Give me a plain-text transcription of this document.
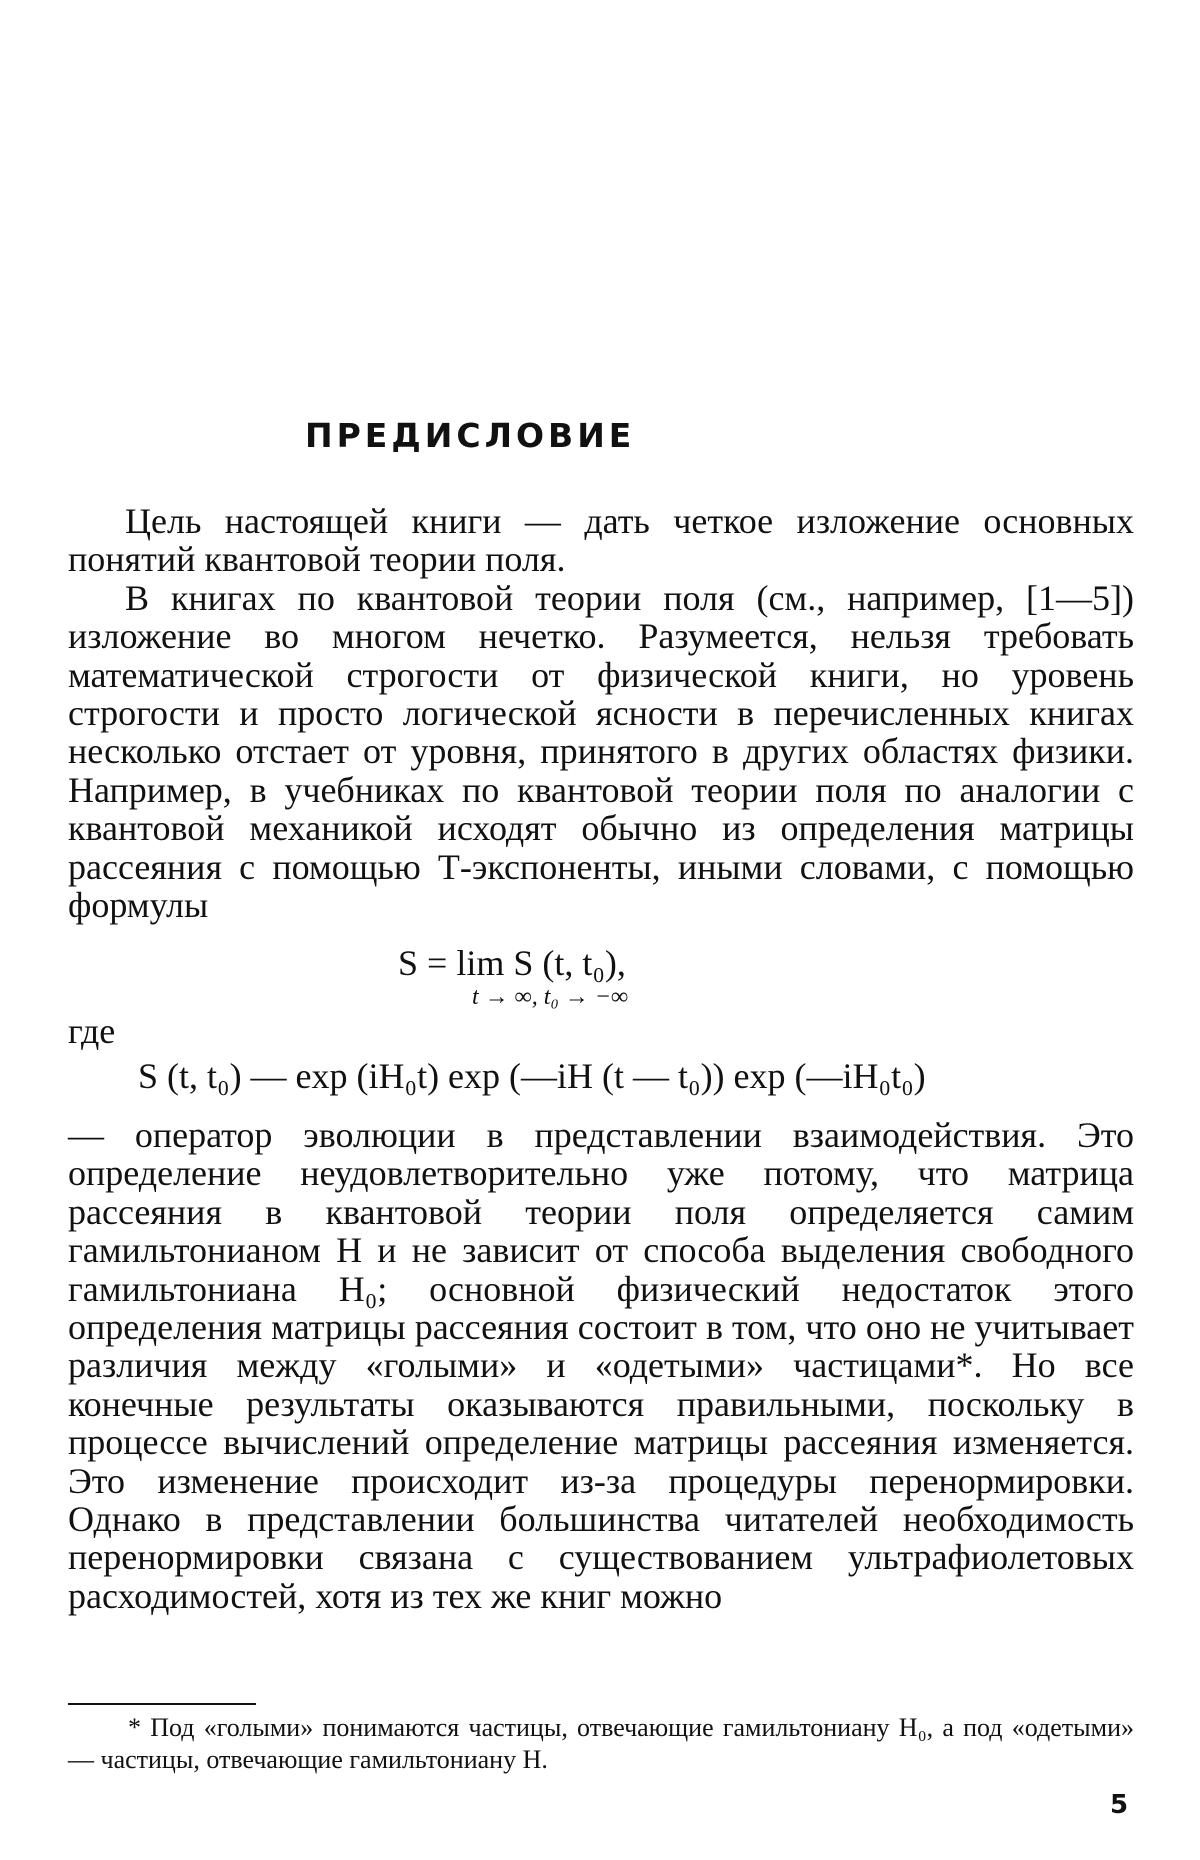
ПРЕДИСЛОВИЕ

Цель настоящей книги — дать четкое изложение основных понятий квантовой теории поля.

В книгах по квантовой теории поля (см., например, [1—5]) изложение во многом нечетко. Разумеется, нельзя требовать математической строгости от физической книги, но уровень строгости и просто логической ясности в перечисленных книгах несколько отстает от уровня, принятого в других областях физики. Например, в учебниках по квантовой теории поля по аналогии с квантовой механикой исходят обычно из определения матрицы рассеяния с помощью Т-экспоненты, иными словами, с помощью формулы

S = lim S (t, t₀),
t → ∞, t₀ → −∞
где
S (t, t₀) — exp (iH₀t) exp (—iH (t — t₀)) exp (—iH₀t₀)

— оператор эволюции в представлении взаимодействия. Это определение неудовлетворительно уже потому, что матрица рассеяния в квантовой теории поля определяется самим гамильтонианом H и не зависит от способа выделения свободного гамильтониана H₀; основной физический недостаток этого определения матрицы рассеяния состоит в том, что оно не учитывает различия между «голыми» и «одетыми» частицами*. Но все конечные результаты оказываются правильными, поскольку в процессе вычислений определение матрицы рассеяния изменяется. Это изменение происходит из-за процедуры перенормировки. Однако в представлении большинства читателей необходимость перенормировки связана с существованием ультрафиолетовых расходимостей, хотя из тех же книг можно

* Под «голыми» понимаются частицы, отвечающие гамильтониану H₀, а под «одетыми» — частицы, отвечающие гамильтониану H.
5
